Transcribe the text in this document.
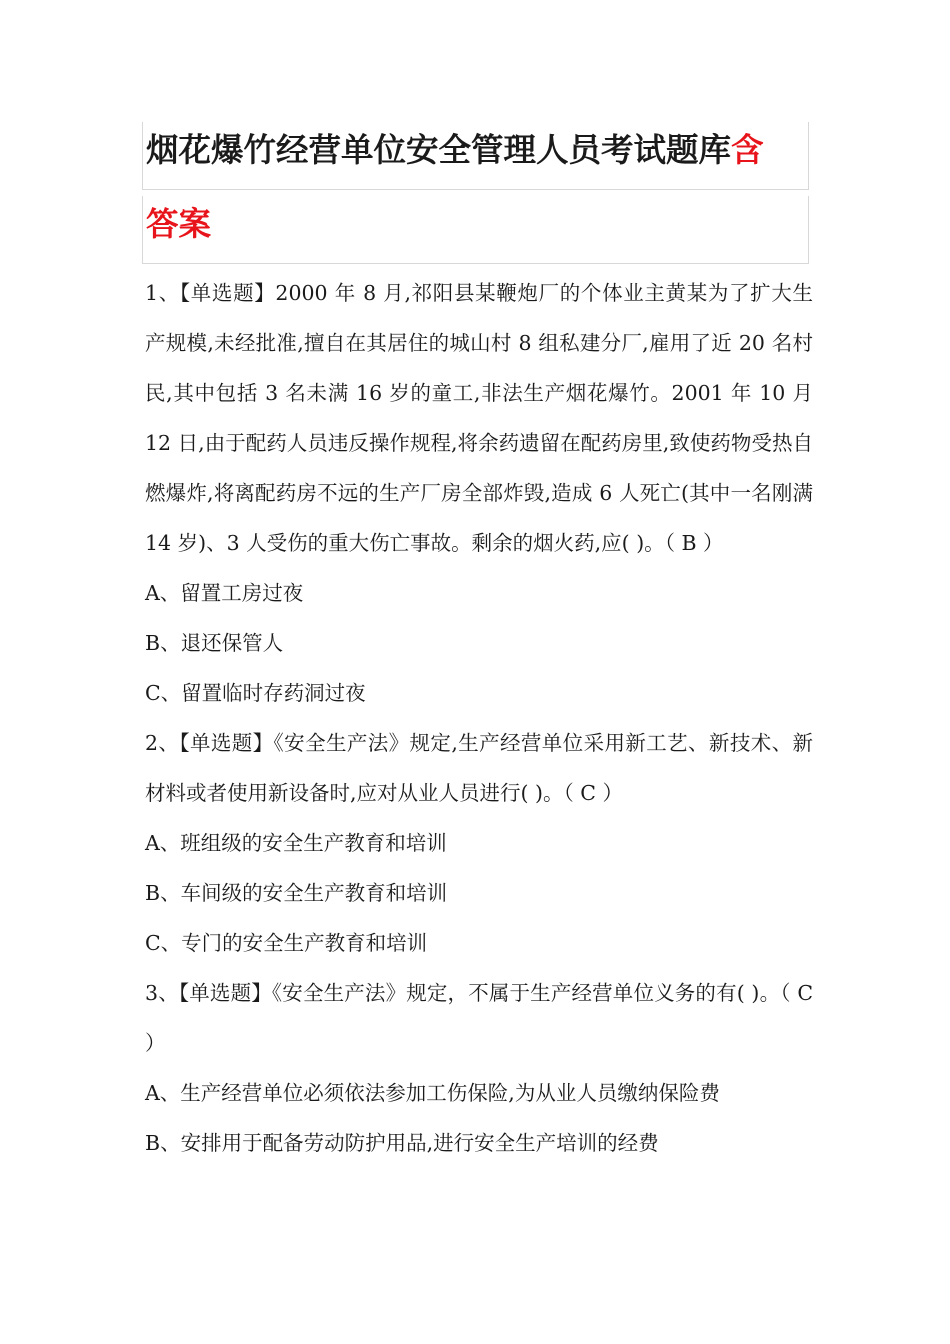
烟花爆竹经营单位安全管理人员考试题库含
答案

1、【单选题】2000 年 8 月,祁阳县某鞭炮厂的个体业主黄某为了扩大生产规模,未经批准,擅自在其居住的城山村 8 组私建分厂,雇用了近 20 名村民,其中包括 3 名未满 16 岁的童工,非法生产烟花爆竹。2001 年 10 月 12 日,由于配药人员违反操作规程,将余药遗留在配药房里,致使药物受热自燃爆炸,将离配药房不远的生产厂房全部炸毁,造成 6 人死亡(其中一名刚满 14 岁)、3 人受伤的重大伤亡事故。剩余的烟火药,应( )。（ B ）

A、留置工房过夜

B、退还保管人

C、留置临时存药洞过夜

2、【单选题】《安全生产法》规定,生产经营单位采用新工艺、新技术、新材料或者使用新设备时,应对从业人员进行( )。（ C ）

A、班组级的安全生产教育和培训

B、车间级的安全生产教育和培训

C、专门的安全生产教育和培训

3、【单选题】《安全生产法》规定，不属于生产经营单位义务的有( )。（ C ）

A、生产经营单位必须依法参加工伤保险,为从业人员缴纳保险费

B、安排用于配备劳动防护用品,进行安全生产培训的经费
